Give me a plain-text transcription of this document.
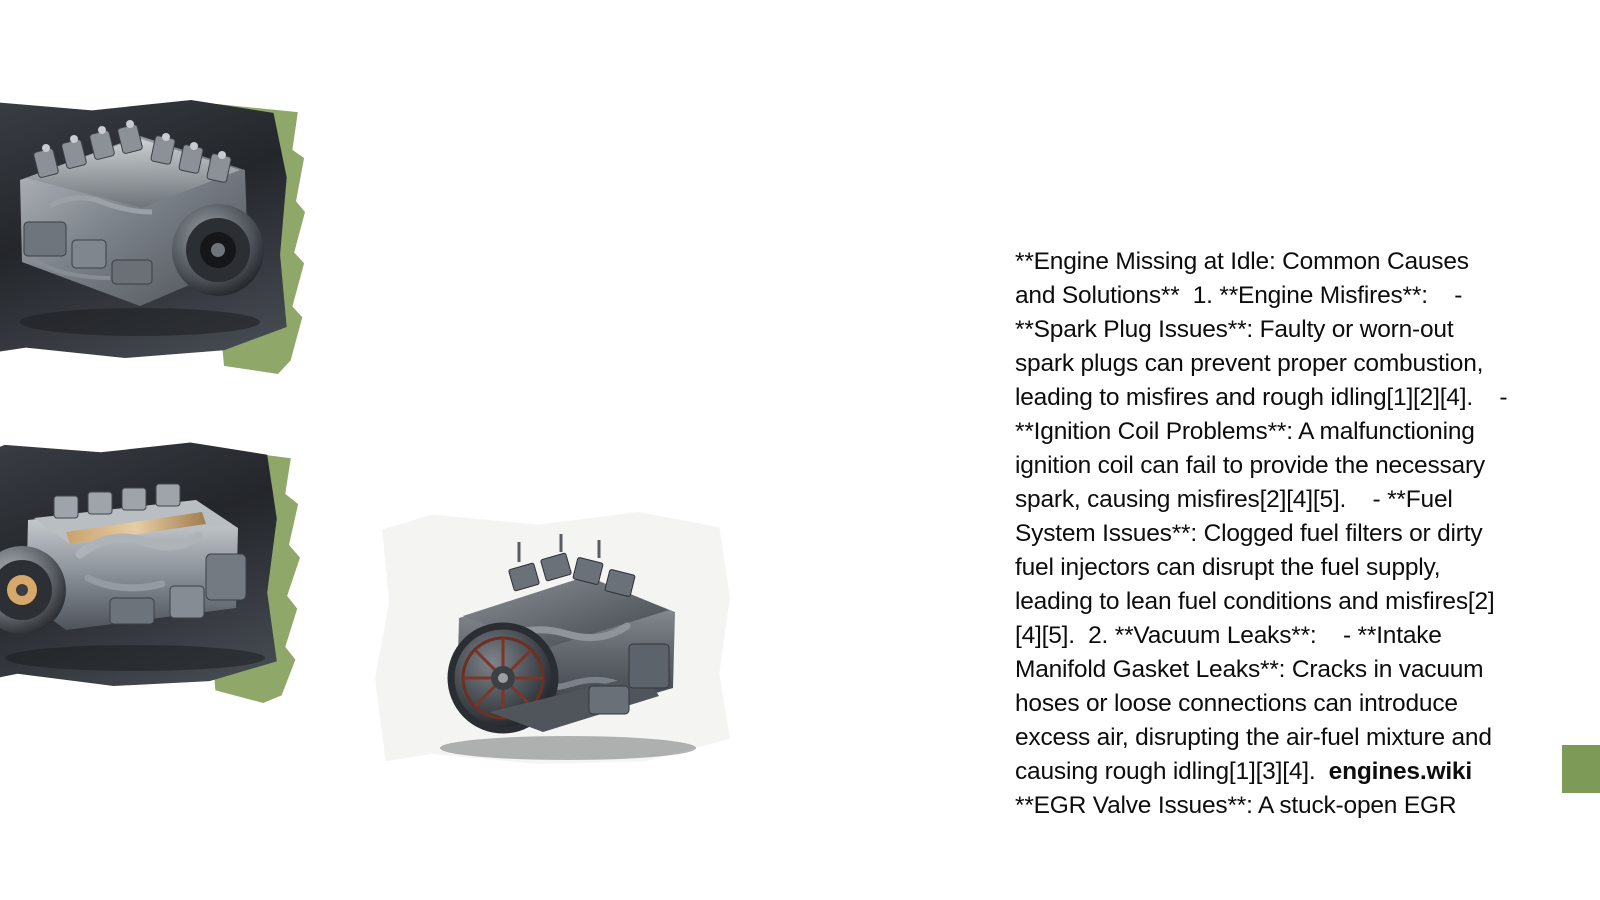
**Engine Missing at Idle: Common Causes and Solutions**  1. **Engine Misfires**:    - **Spark Plug Issues**: Faulty or worn-out spark plugs can prevent proper combustion, leading to misfires and rough idling[1][2][4].    - **Ignition Coil Problems**: A malfunctioning ignition coil can fail to provide the necessary spark, causing misfires[2][4][5].    - **Fuel System Issues**: Clogged fuel filters or dirty fuel injectors can disrupt the fuel supply, leading to lean fuel conditions and misfires[2][4][5].  2. **Vacuum Leaks**:    - **Intake Manifold Gasket Leaks**: Cracks in vacuum hoses or loose connections can introduce excess air, disrupting the air-fuel mixture and causing rough idling[1][3][4].  engines.wiki
**EGR Valve Issues**: A stuck-open EGR
